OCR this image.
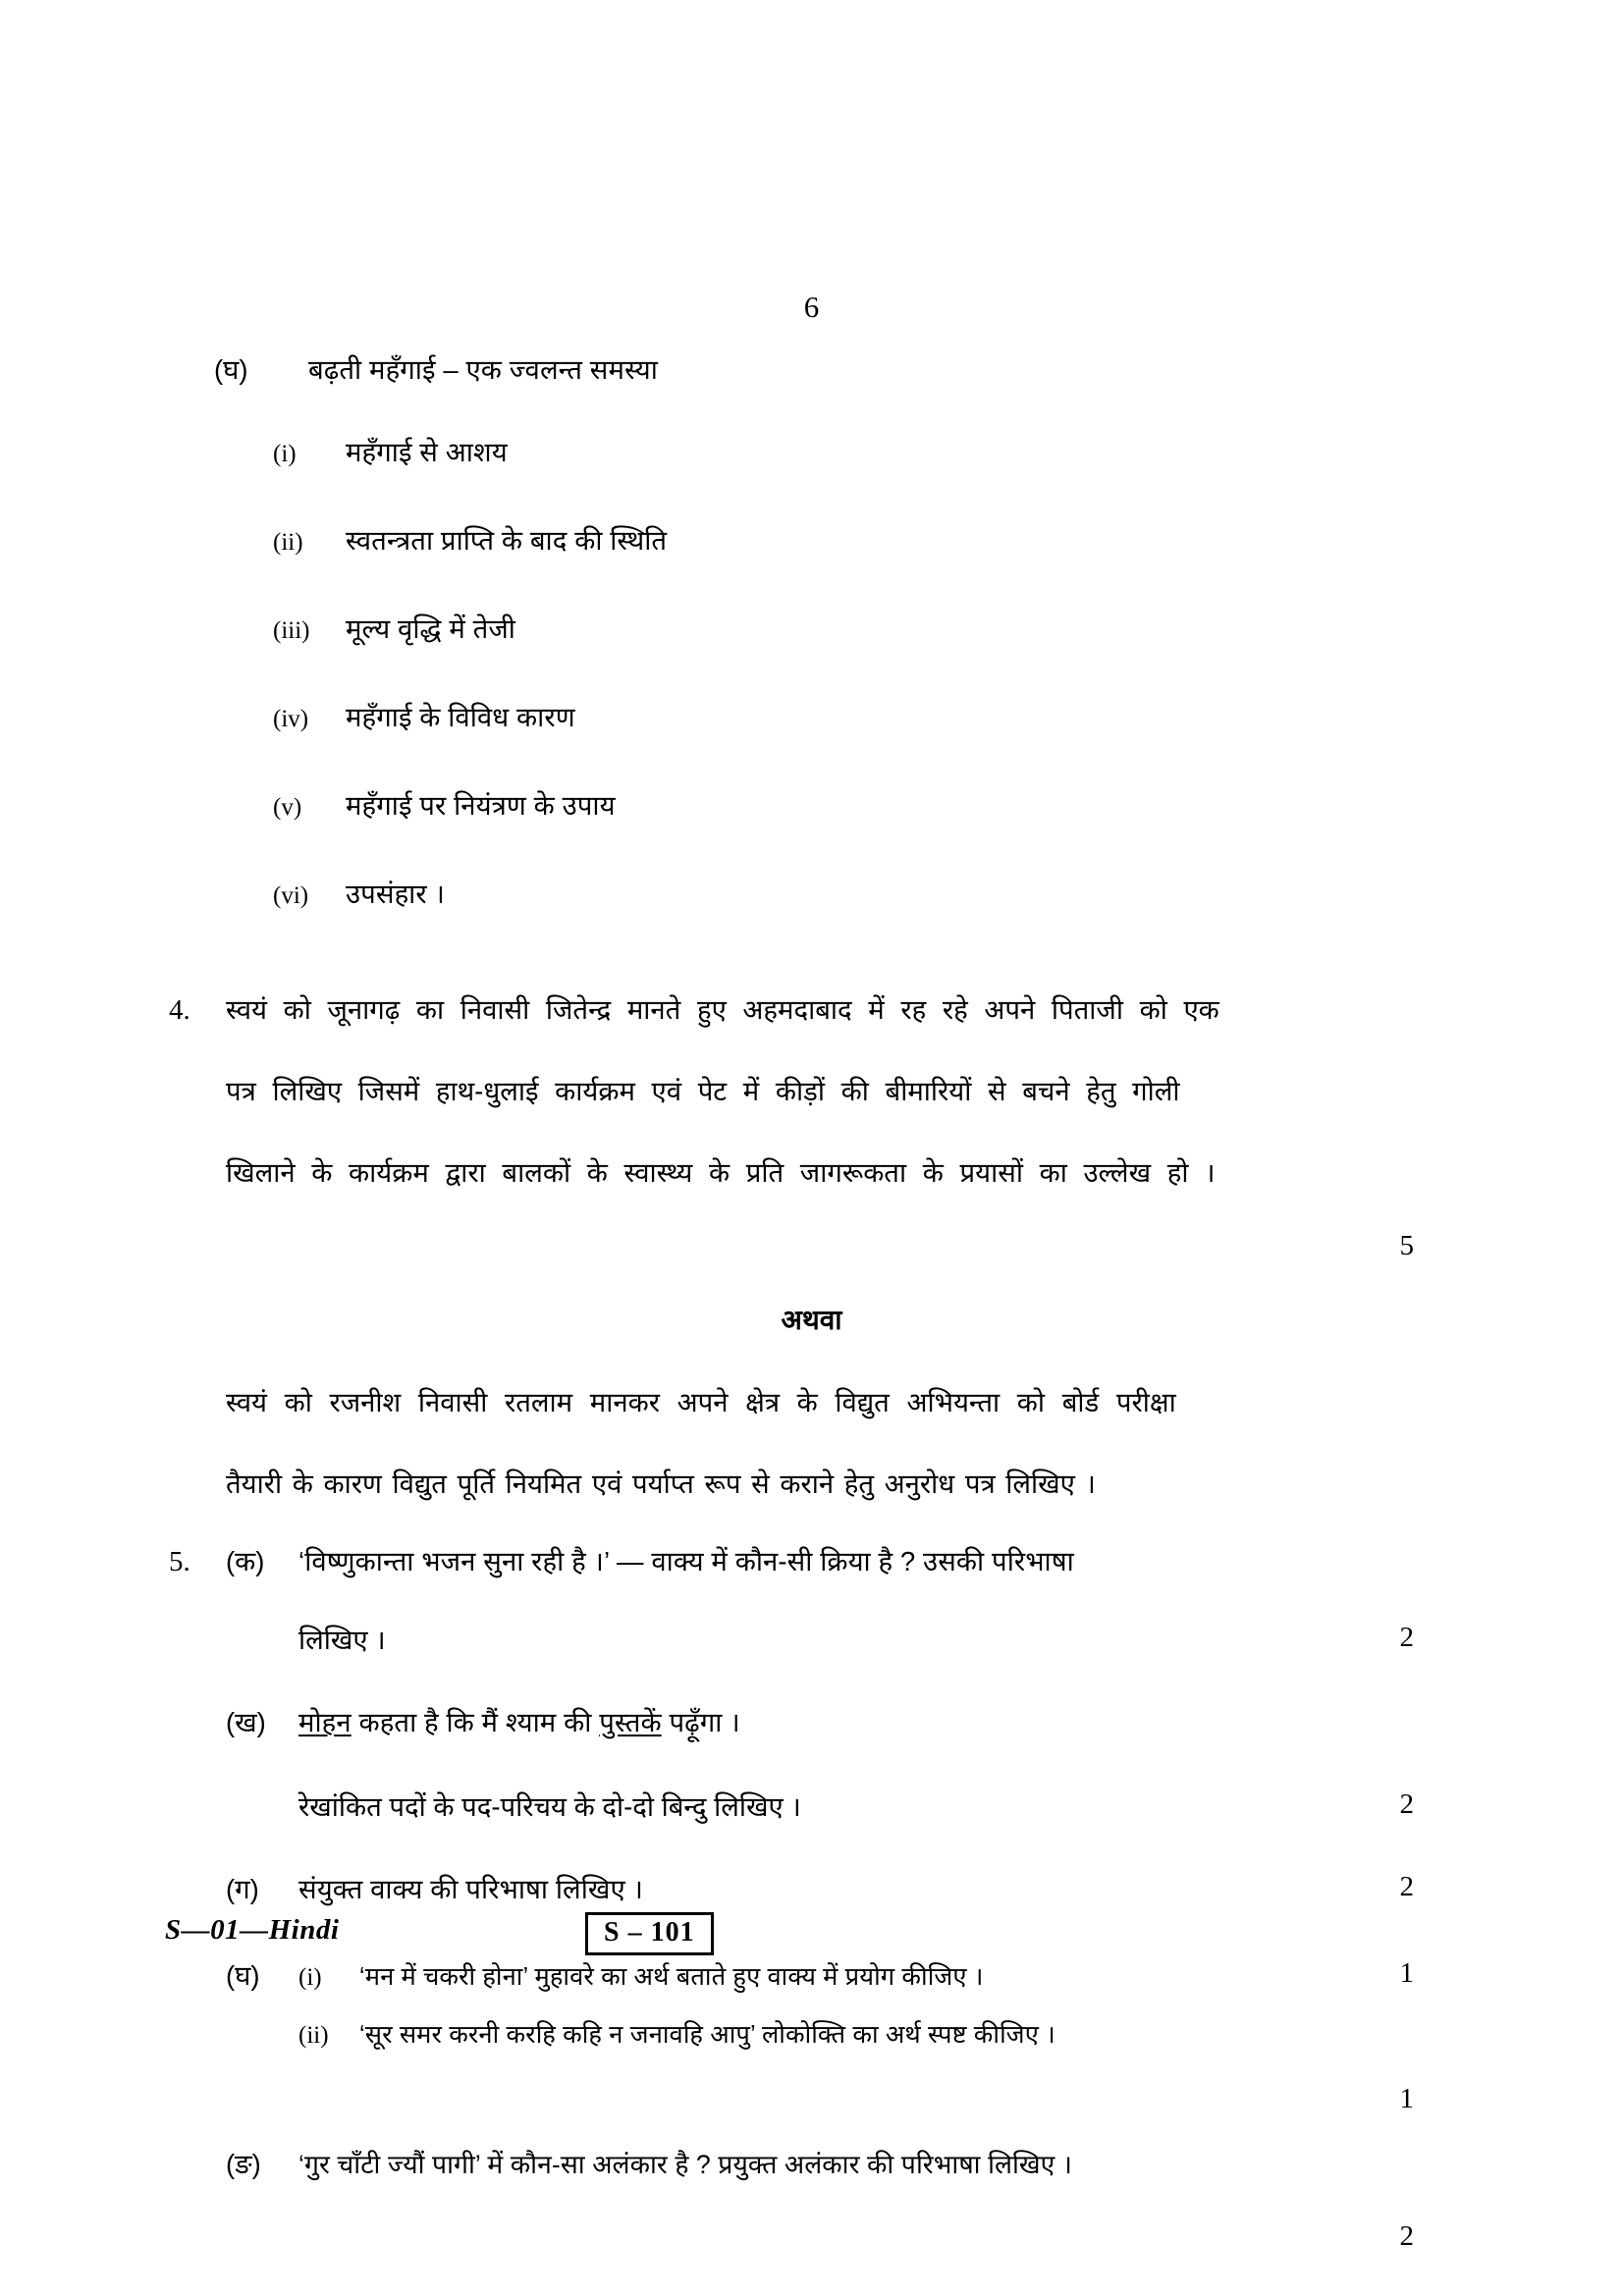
6
(घ)	बढ़ती महँगाई – एक ज्वलन्त समस्या
(i)	महँगाई से आशय
(ii)	स्वतन्त्रता प्राप्ति के बाद की स्थिति
(iii)	मूल्य वृद्धि में तेजी
(iv)	महँगाई के विविध कारण
(v)	महँगाई पर नियंत्रण के उपाय
(vi)	उपसंहार ।
4.	स्वयं को जूनागढ़ का निवासी जितेन्द्र मानते हुए अहमदाबाद में रह रहे अपने पिताजी को एक
पत्र लिखिए जिसमें हाथ-धुलाई कार्यक्रम एवं पेट में कीड़ों की बीमारियों से बचने हेतु गोली
खिलाने के कार्यक्रम द्वारा बालकों के स्वास्थ्य के प्रति जागरूकता के प्रयासों का उल्लेख हो ।
5
अथवा
स्वयं को रजनीश निवासी रतलाम मानकर अपने क्षेत्र के विद्युत अभियन्ता को बोर्ड परीक्षा
तैयारी के कारण विद्युत पूर्ति नियमित एवं पर्याप्त रूप से कराने हेतु अनुरोध पत्र लिखिए ।
5.	(क)	‘विष्णुकान्ता भजन सुना रही है ।’ — वाक्य में कौन-सी क्रिया है ? उसकी परिभाषा
लिखिए ।	2
(ख)	मोहन कहता है कि मैं श्याम की पुस्तकें पढ़ूँगा ।
रेखांकित पदों के पद-परिचय के दो-दो बिन्दु लिखिए ।	2
(ग)	संयुक्त वाक्य की परिभाषा लिखिए ।	2
(घ)	(i)	‘मन में चकरी होना’ मुहावरे का अर्थ बताते हुए वाक्य में प्रयोग कीजिए ।	1
(ii)	‘सूर समर करनी करहि कहि न जनावहि आपु’ लोकोक्ति का अर्थ स्पष्ट कीजिए ।
1
(ङ)	‘गुर चाँटी ज्यौं पागी’ में कौन-सा अलंकार है ? प्रयुक्त अलंकार की परिभाषा लिखिए ।
2
S—01—Hindi	S – 101
